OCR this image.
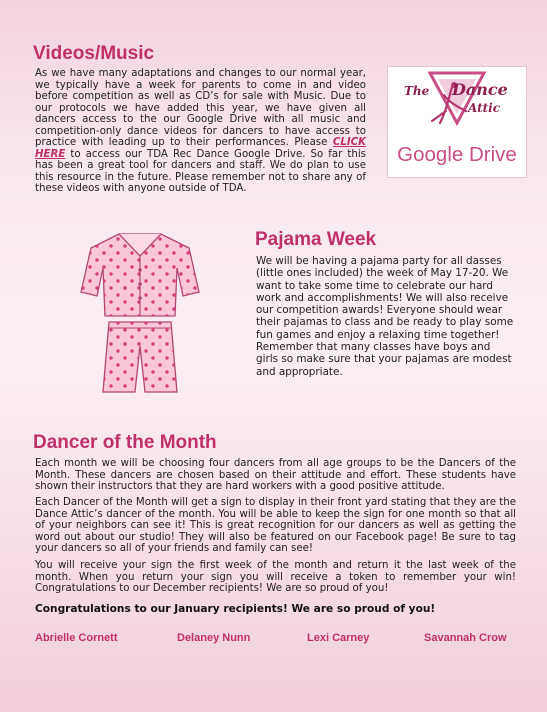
Videos/Music

As we have many adaptations and changes to our normal year, we typically have a week for parents to come in and video before competition as well as CD’s for sale with Music. Due to our protocols we have added this year, we have given all dancers access to the our Google Drive with all music and competition-only dance videos for dancers to have access to practice with leading up to their performances. Please CLICK HERE to access our TDA Rec Dance Google Drive. So far this has been a great tool for dancers and staff. We do plan to use this resource in the future. Please remember not to share any of these videos with anyone outside of TDA.

The Dance
Attic
Google Drive
Pajama Week

We will be having a pajama party for all dasses (little ones included) the week of May 17-20. We want to take some time to celebrate our hard work and accomplishments! We will also receive our competition awards! Everyone should wear their pajamas to class and be ready to play some fun games and enjoy a relaxing time together! Remember that many classes have boys and girls so make sure that your pajamas are modest and appropriate.

Dancer of the Month

Each month we will be choosing four dancers from all age groups to be the Dancers of the Month. These dancers are chosen based on their attitude and effort. These students have shown their instructors that they are hard workers with a good positive attitude.

Each Dancer of the Month will get a sign to display in their front yard stating that they are the Dance Attic’s dancer of the month. You will be able to keep the sign for one month so that all of your neighbors can see it! This is great recognition for our dancers as well as getting the word out about our studio! They will also be featured on our Facebook page! Be sure to tag your dancers so all of your friends and family can see!

You will receive your sign the first week of the month and return it the last week of the month. When you return your sign you will receive a token to remember your win! Congratulations to our December recipients! We are so proud of you!

Congratulations to our January recipients! We are so proud of you!

Abrielle Cornett	Delaney Nunn	Lexi Carney	Savannah Crow
